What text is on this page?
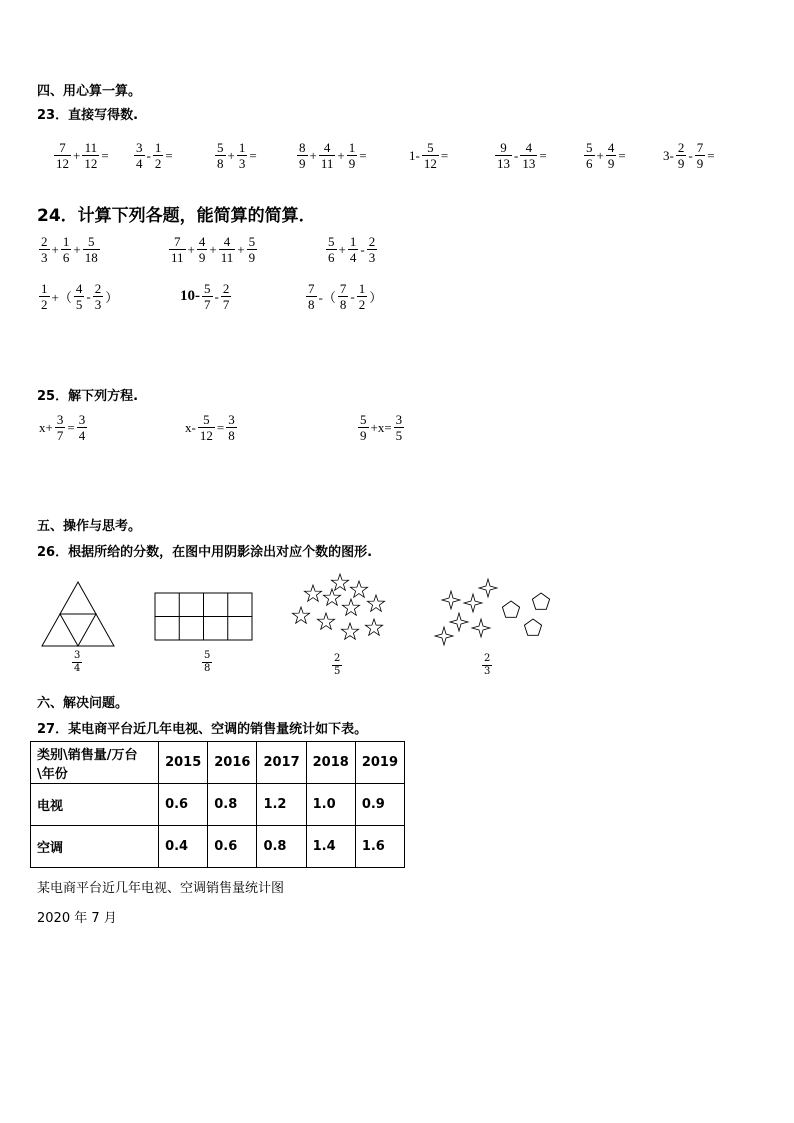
四、用心算一算。
23．直接写得数.
$\frac{7}{12} + \frac{11}{12} = \frac{3}{4} - \frac{1}{2}$ =	$\frac{5}{8} + \frac{1}{3}$ =	$\frac{8}{9} + \frac{4}{11} + \frac{1}{9}$ =	$1- \frac{5}{12}$ =	$\frac{9}{13} - \frac{4}{13}$ =	$\frac{5}{6} + \frac{4}{9}$ =	$3- \frac{2}{9} - \frac{7}{9}$ =
24．计算下列各题，能简算的简算．
$\frac{2}{3} + \frac{1}{6} + \frac{5}{18}$	$\frac{7}{11} + \frac{4}{9} + \frac{4}{11} + \frac{5}{9}$	$\frac{5}{6} + \frac{1}{4} - \frac{2}{3}$
$\frac{1}{2}$ +（ $\frac{4}{5} - \frac{2}{3}$ ）	$10- \frac{5}{7} - \frac{2}{7}$	$\frac{7}{8}$ -（ $\frac{7}{8} - \frac{1}{2}$ ）
25．解下列方程.
$x+ \frac{3}{7} = \frac{3}{4}$	$x- \frac{5}{12} = \frac{3}{8}$	$\frac{5}{9} +x= \frac{3}{5}$
五、操作与思考。
26．根据所给的分数，在图中用阴影涂出对应个数的图形.
$\frac{3}{4}$	$\frac{5}{8}$	$\frac{2}{5}$	$\frac{2}{3}$
六、解决问题。
27．某电商平台近几年电视、空调的销售量统计如下表。
类别\销售量/万台\年份	2015	2016	2017	2018	2019
电视	0.6	0.8	1.2	1.0	0.9
空调	0.4	0.6	0.8	1.4	1.6
某电商平台近几年电视、空调销售量统计图
2020 年 7 月
